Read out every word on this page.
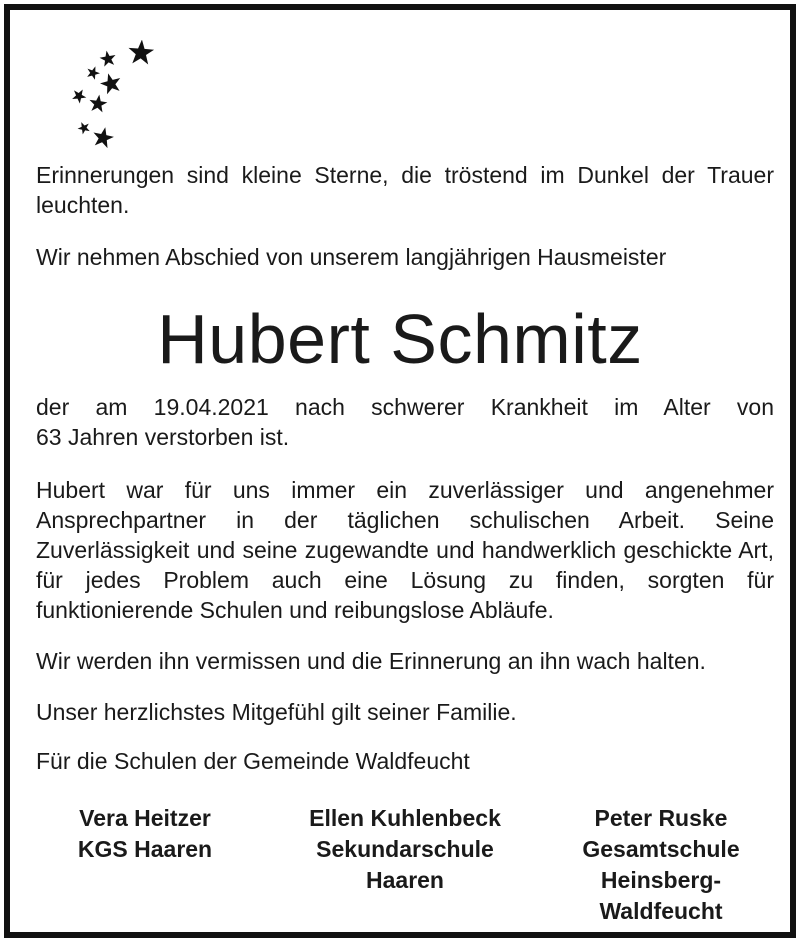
Erinnerungen sind kleine Sterne, die tröstend im Dunkel der Trauer leuchten.

Wir nehmen Abschied von unserem langjährigen Hausmeister

Hubert Schmitz

der am 19.04.2021 nach schwerer Krankheit im Alter von

63 Jahren verstorben ist.

Hubert war für uns immer ein zuverlässiger und angenehmer Ansprechpartner in der täglichen schulischen Arbeit. Seine Zuverlässigkeit und seine zugewandte und handwerklich geschickte Art, für jedes Problem auch eine Lösung zu finden, sorgten für funktionierende Schulen und reibungslose Abläufe.

Wir werden ihn vermissen und die Erinnerung an ihn wach halten.

Unser herzlichstes Mitgefühl gilt seiner Familie.

Für die Schulen der Gemeinde Waldfeucht

Vera Heitzer
KGS Haaren
Ellen Kuhlenbeck
Sekundarschule
Haaren
Peter Ruske
Gesamtschule
Heinsberg-
Waldfeucht
